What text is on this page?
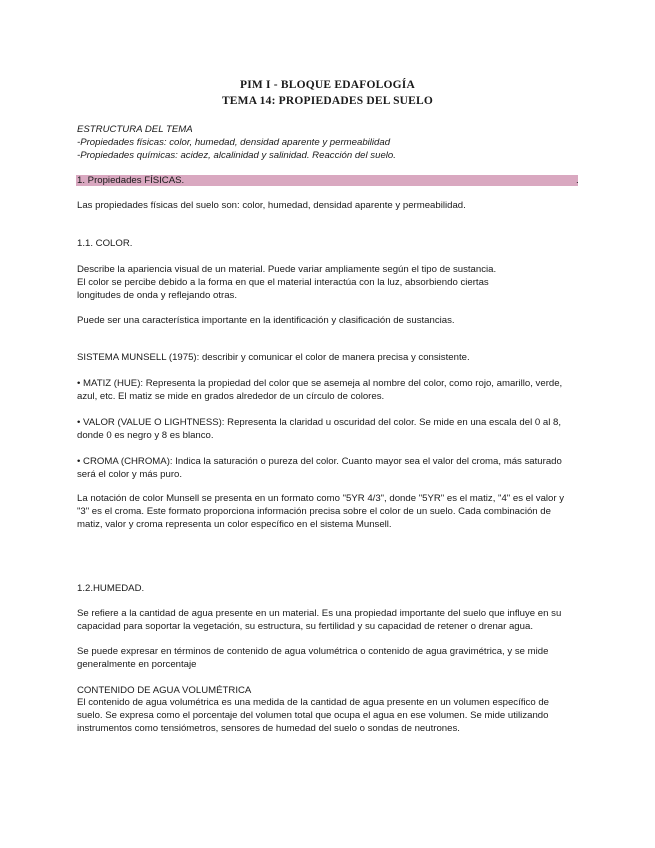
PIM I - BLOQUE EDAFOLOGÍA
TEMA 14: PROPIEDADES DEL SUELO
ESTRUCTURA DEL TEMA
-Propiedades físicas: color, humedad, densidad aparente y permeabilidad
-Propiedades químicas: acidez, alcalinidad y salinidad. Reacción del suelo.
1. Propiedades FÍSICAS.	.
Las propiedades físicas del suelo son: color, humedad, densidad aparente y permeabilidad.
1.1. COLOR.
Describe la apariencia visual de un material. Puede variar ampliamente según el tipo de sustancia.
El color se percibe debido a la forma en que el material interactúa con la luz, absorbiendo ciertas
longitudes de onda y reflejando otras.
Puede ser una característica importante en la identificación y clasificación de sustancias.
SISTEMA MUNSELL (1975): describir y comunicar el color de manera precisa y consistente.
• MATIZ (HUE): Representa la propiedad del color que se asemeja al nombre del color, como rojo, amarillo, verde,
azul, etc. El matiz se mide en grados alrededor de un círculo de colores.
• VALOR (VALUE O LIGHTNESS): Representa la claridad u oscuridad del color. Se mide en una escala del 0 al 8,
donde 0 es negro y 8 es blanco.
• CROMA (CHROMA): Indica la saturación o pureza del color. Cuanto mayor sea el valor del croma, más saturado
será el color y más puro.
La notación de color Munsell se presenta en un formato como "5YR 4/3", donde "5YR" es el matiz, "4" es el valor y
"3" es el croma. Este formato proporciona información precisa sobre el color de un suelo. Cada combinación de
matiz, valor y croma representa un color específico en el sistema Munsell.
1.2.HUMEDAD.
Se refiere a la cantidad de agua presente en un material. Es una propiedad importante del suelo que influye en su
capacidad para soportar la vegetación, su estructura, su fertilidad y su capacidad de retener o drenar agua.
Se puede expresar en términos de contenido de agua volumétrica o contenido de agua gravimétrica, y se mide
generalmente en porcentaje
CONTENIDO DE AGUA VOLUMÉTRICA
El contenido de agua volumétrica es una medida de la cantidad de agua presente en un volumen específico de
suelo. Se expresa como el porcentaje del volumen total que ocupa el agua en ese volumen. Se mide utilizando
instrumentos como tensiómetros, sensores de humedad del suelo o sondas de neutrones.
